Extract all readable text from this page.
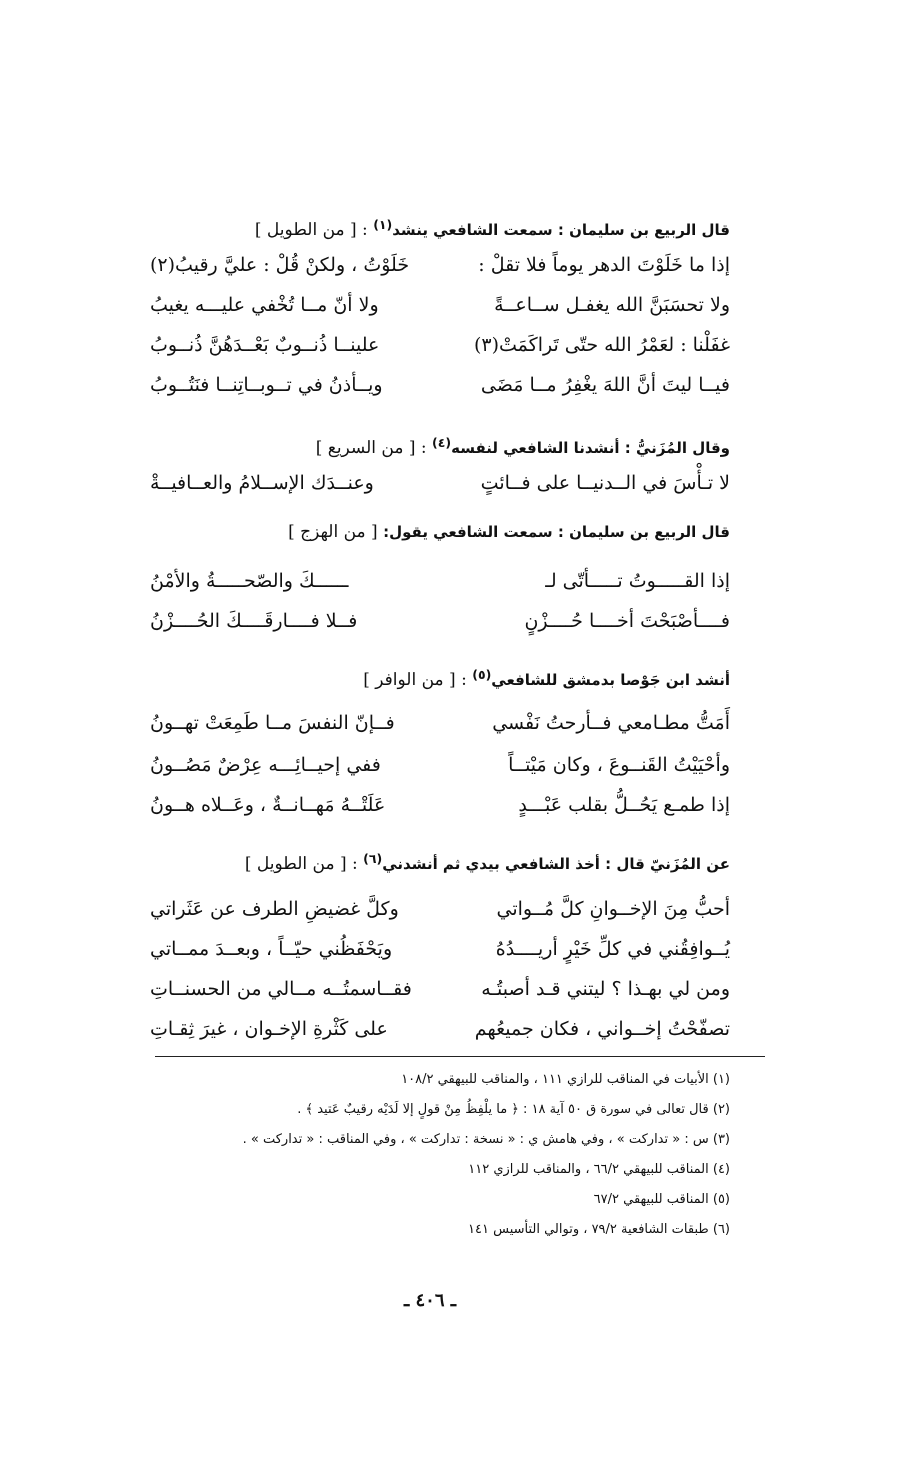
قال الربيع بن سليمان : سمعت الشافعي ينشد$^{(١)}$ : [ من الطويل ]
إذا ما خَلَوْتَ الدهر يوماً فلا تقلْ :
خَلَوْتُ ، ولكنْ قُلْ : عليَّ رقيبُ(٢)
ولا تحسَبَنَّ الله يغفـل ســاعــةً
ولا أنّ مــا تُخْفي عليـــه يغيبُ
غفَلْنا : لعَمْرُ الله حتّى تَراكَمَتْ(٣)
علينــا ذُنــوبٌ بَعْــدَهُنَّ ذُنــوبُ
فيــا ليتَ أنَّ اللهَ يغْفِرُ مــا مَضَى
ويــأذنُ في تــوبــاتِنــا فنَتُــوبُ
وقال المُزَنيُّ : أنشدنا الشافعي لنفسه$^{(٤)}$ : [ من السريع ]
لا تـأْسَ في الــدنيــا على فــائتٍ
وعنــدَك الإســلامُ والعــافيــةْ
قال الربيع بن سليمان : سمعت الشافعي يقول: [ من الهزج ]
إذا القـــــوتُ تـــــأتّى لـ
ــــــكَ والصّحـــــةُ والأمْنُ
فــــأصْبَحْتَ أخــــا حُــــزْنٍ
فــلا فــــارقَــــكَ الحُــــزْنُ
أنشد ابن جَوْصا بدمشق للشافعي$^{(٥)}$ : [ من الوافر ]
أَمَتُّ مطـامعي فــأرحتُ نَفْسي
فــإنّ النفسَ مــا طَمِعَتْ تهــونُ
وأحْيَيْتُ القَنــوعَ ، وكان مَيْتــاً
ففي إحيــائِـــه عِرْضٌ مَصُــونُ
إذا طمـع يَحُــلُّ بقلب عَبْـــدٍ
عَلَتْــهُ مَهــانــةٌ ، وعَــلاه هــونُ
عن المُزَنيّ قال : أخذ الشافعي بيدي ثم أنشدني$^{(٦)}$ : [ من الطويل ]
أحبُّ مِنَ الإخــوانِ كلَّ مُــواتي
وكلَّ غضيضِ الطرف عن عَثَراتي
يُــوافِقُني في كلِّ خَيْرٍ أريــــدُهُ
ويَحْفَظُني حيّــاً ، وبعــدَ ممــاتي
ومن لي بهـذا ؟ ليتني قـد أصبتُـه
فقــاسمتُــه مــالي من الحسنــاتِ
تصفّحْتُ إخــواني ، فكان جميعُهم
على كَثْرةِ الإخـوان ، غيرَ ثِقـاتِ
(١) الأبيات في المناقب للرازي ١١١ ، والمناقب للبيهقي ١٠٨/٢
(٢) قال تعالى في سورة ق ٥٠ آية ١٨ : ﴿ ما يلْفِظُ مِنْ قولٍ إلا لَدَيْه رقيبٌ عَتيد ﴾ .
(٣) س : « تداركت » ، وفي هامش ي : « نسخة : تدارکت » ، وفي المناقب : « تدارکت » .
(٤) المناقب للبيهقي ٦٦/٢ ، والمناقب للرازي ١١٢
(٥) المناقب للبيهقي ٦٧/٢
(٦) طبقات الشافعية ٧٩/٢ ، وتوالي التأسيس ١٤١
ـ ٤٠٦ ـ
